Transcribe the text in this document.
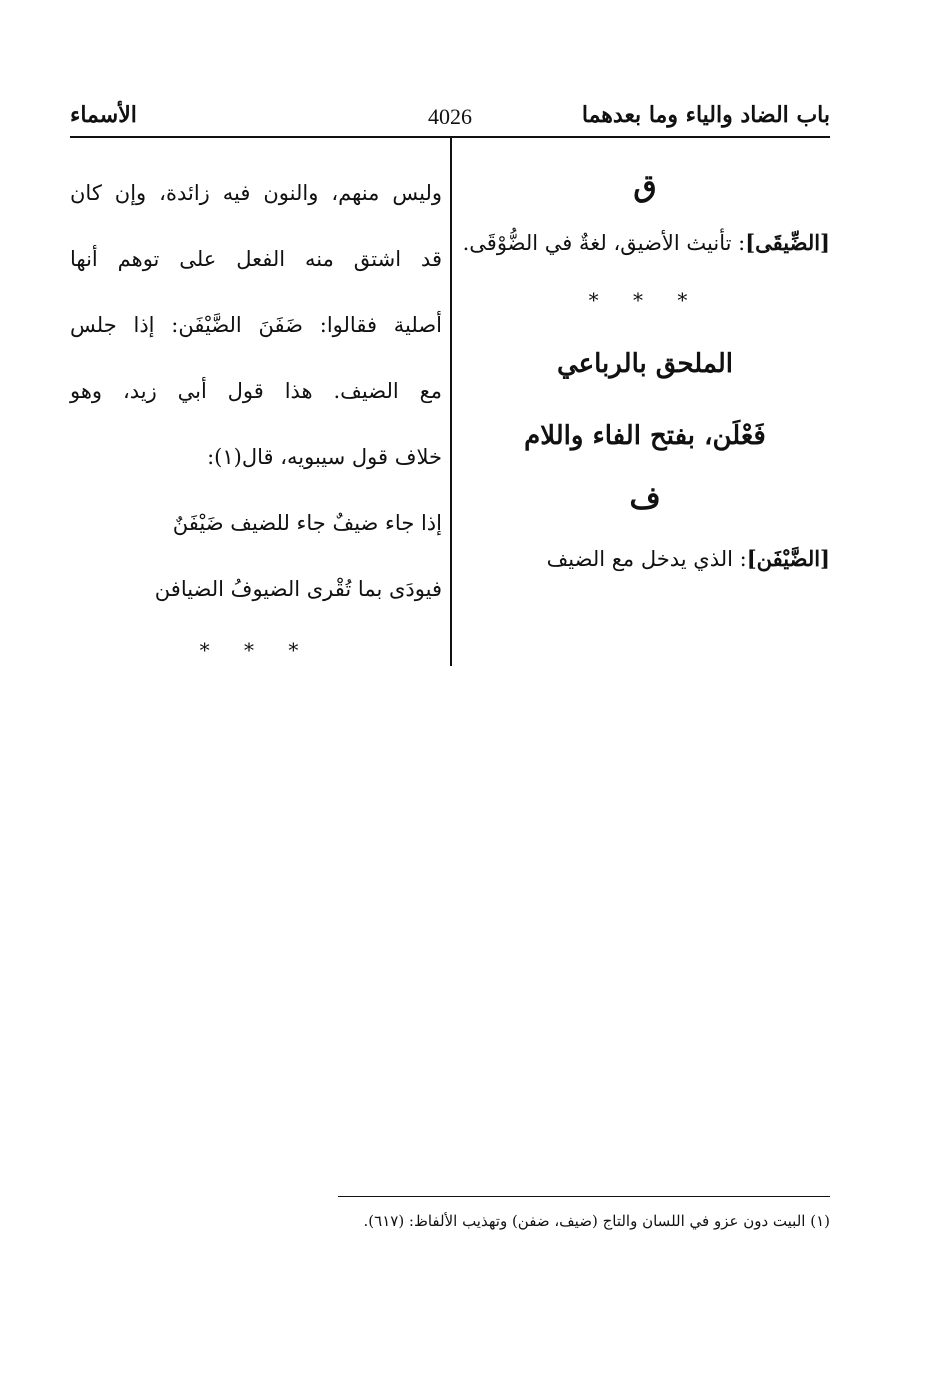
باب الضاد والياء وما بعدهما
4026
الأسماء
ق
[الضِّيقَى]: تأنيث الأضيق، لغةٌ في الضُّوْقَى.
* * *
الملحق بالرباعي
فَعْلَن، بفتح الفاء واللام
ف
[الضَّيْفَن]: الذي يدخل مع الضيف
وليس منهم، والنون فيه زائدة، وإن كان
قد اشتق منه الفعل على توهم أنها
أصلية فقالوا: ضَفَنَ الضَّيْفَن: إذا جلس
مع الضيف. هذا قول أبي زيد، وهو
خلاف قول سيبويه، قال(١):
إذا جاء ضيفٌ جاء للضيف ضَيْفَنٌ
فيودَى بما تُقْرى الضيوفُ الضيافن
* * *
(١) البيت دون عزو في اللسان والتاج (ضيف، ضفن) وتهذيب الألفاظ: (٦١٧).
